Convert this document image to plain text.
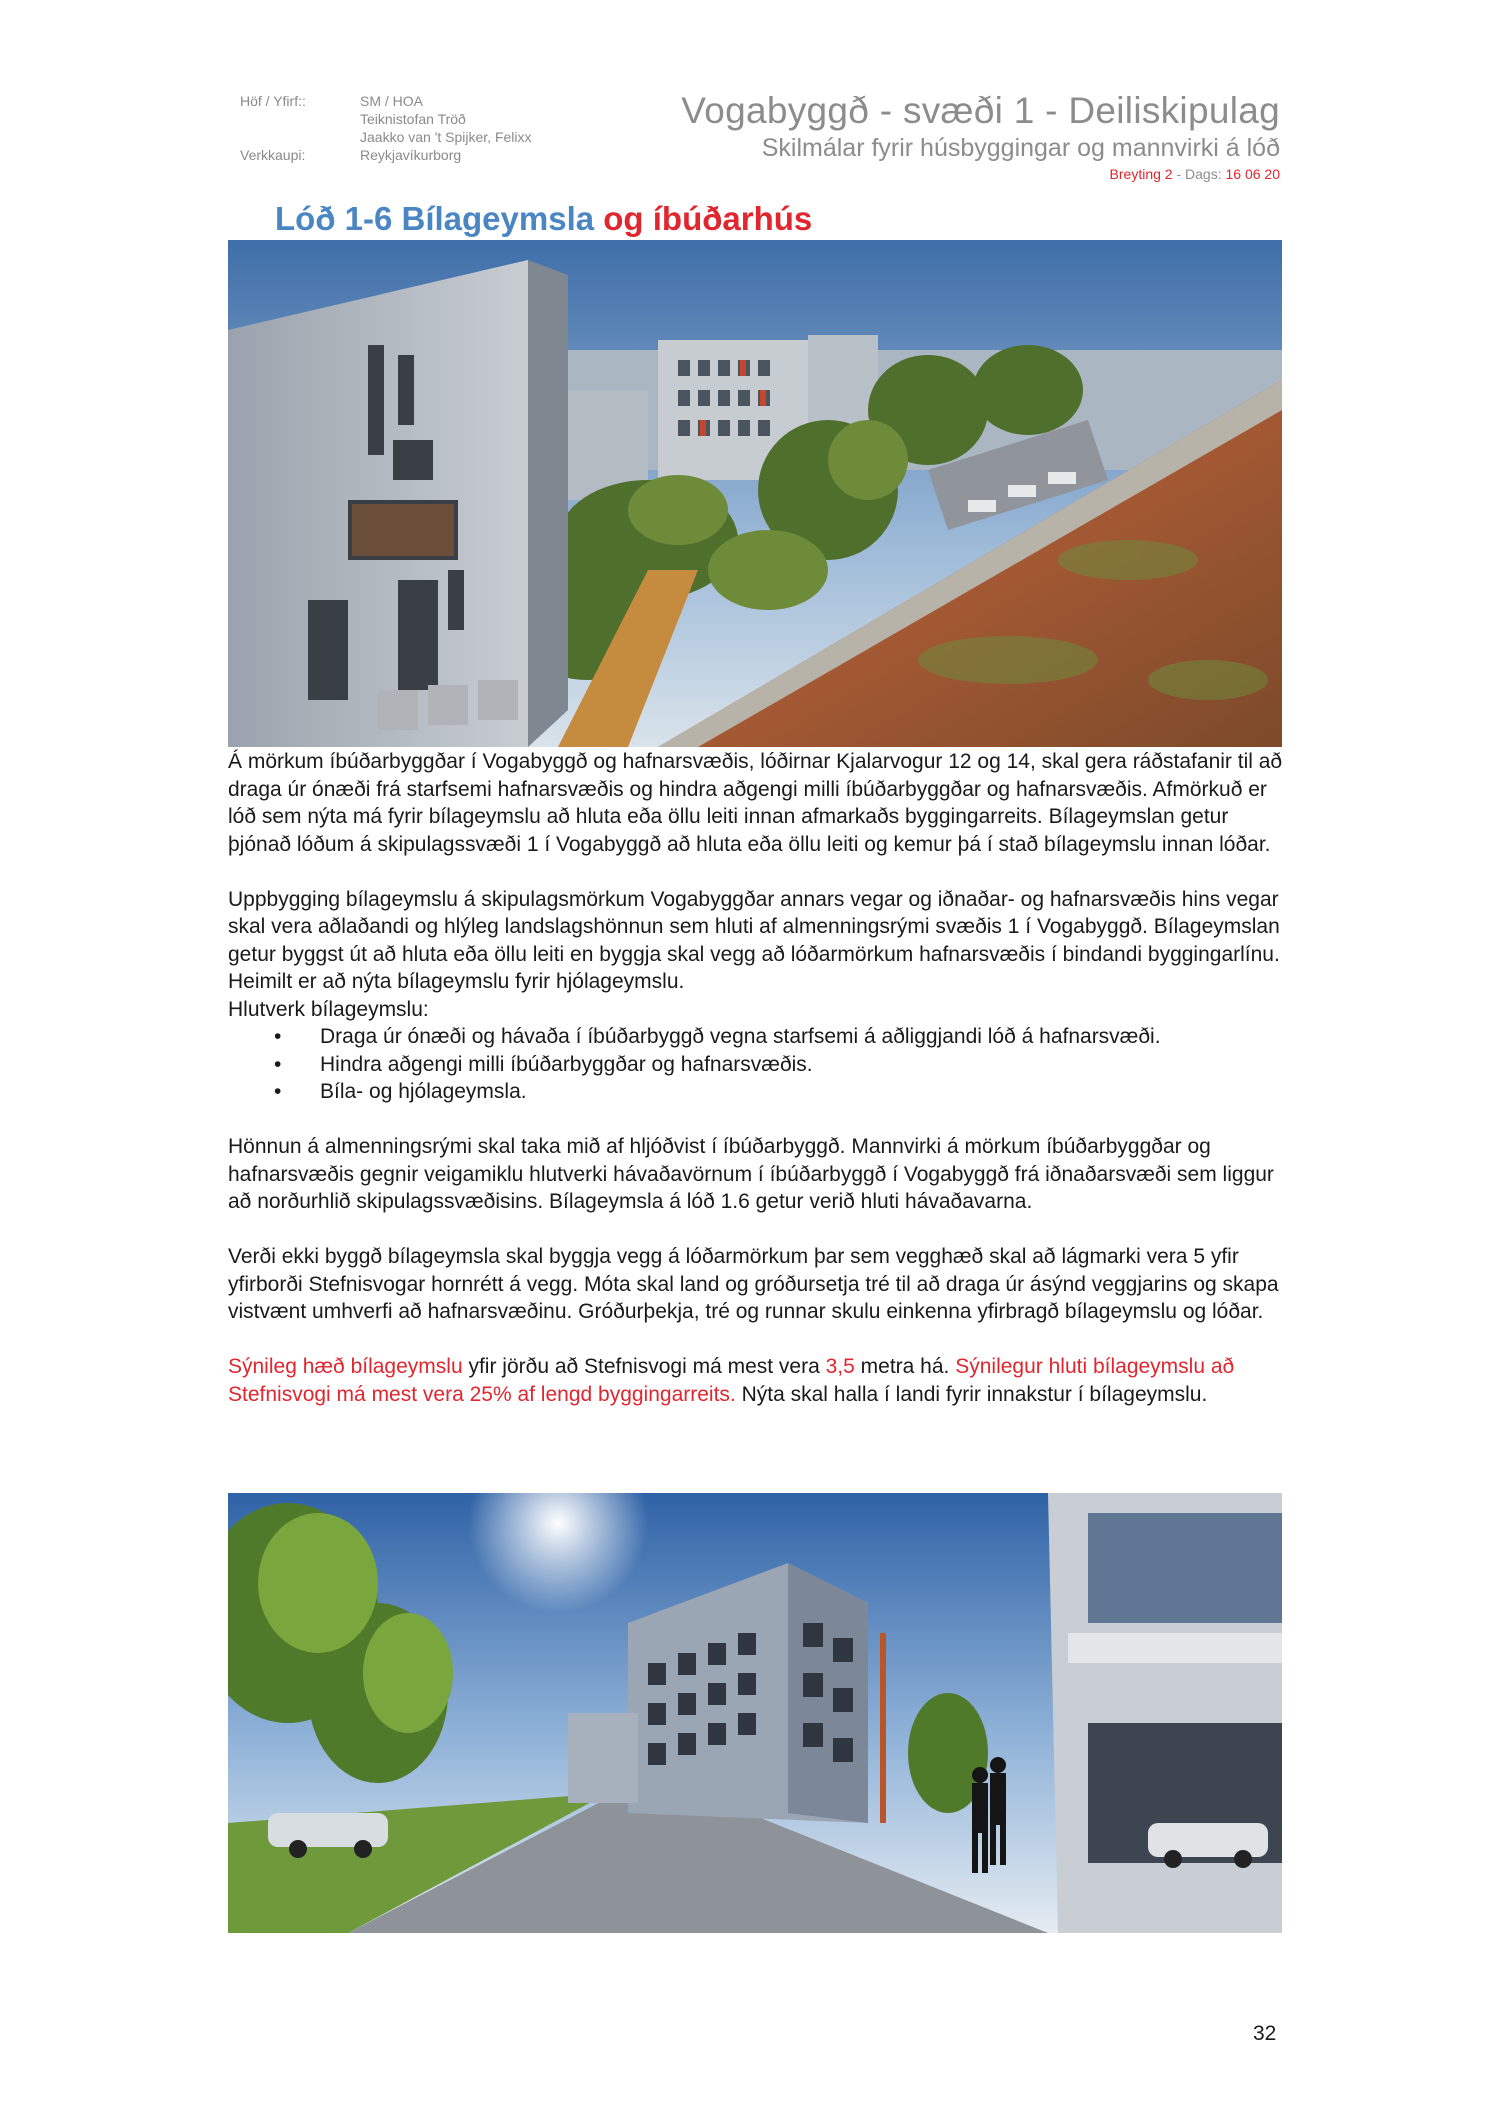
Höf / Yfirf::	SM / HOA
Teiknistofan Tröð
Jaakko van 't Spijker, Felixx
Verkkaupi:	Reykjavíkurborg
Vogabyggð - svæði 1 - Deiliskipulag
Skilmálar fyrir húsbyggingar og mannvirki á lóð
Breyting 2 - Dags: 16 06 20
Lóð 1-6 Bílageymsla og íbúðarhús

Á mörkum íbúðarbyggðar í Vogabyggð og hafnarsvæðis, lóðirnar Kjalarvogur 12 og 14, skal gera ráðstafanir til að draga úr ónæði frá starfsemi hafnarsvæðis og hindra aðgengi milli íbúðarbyggðar og hafnarsvæðis. Afmörkuð er lóð sem nýta má fyrir bílageymslu að hluta eða öllu leiti innan afmarkaðs byggingarreits. Bílageymslan getur þjónað lóðum á skipulagssvæði 1 í Vogabyggð að hluta eða öllu leiti og kemur þá í stað bílageymslu innan lóðar.

Uppbygging bílageymslu á skipulagsmörkum Vogabyggðar annars vegar og iðnaðar- og hafnarsvæðis hins vegar skal vera aðlaðandi og hlýleg landslagshönnun sem hluti af almenningsrými svæðis 1 í Vogabyggð. Bílageymslan getur byggst út að hluta eða öllu leiti en byggja skal vegg að lóðarmörkum hafnarsvæðis í bindandi byggingarlínu. Heimilt er að nýta bílageymslu fyrir hjólageymslu.
Hlutverk bílageymslu:
• Draga úr ónæði og hávaða í íbúðarbyggð vegna starfsemi á aðliggjandi lóð á hafnarsvæði.
• Hindra aðgengi milli íbúðarbyggðar og hafnarsvæðis.
• Bíla- og hjólageymsla.

Hönnun á almenningsrými skal taka mið af hljóðvist í íbúðarbyggð. Mannvirki á mörkum íbúðarbyggðar og hafnarsvæðis gegnir veigamiklu hlutverki hávaðavörnum í íbúðarbyggð í Vogabyggð frá iðnaðarsvæði sem liggur að norðurhlið skipulagssvæðisins. Bílageymsla á lóð 1.6 getur verið hluti hávaðavarna.

Verði ekki byggð bílageymsla skal byggja vegg á lóðarmörkum þar sem vegghæð skal að lágmarki vera 5 yfir yfirborði Stefnisvogar hornrétt á vegg. Móta skal land og gróðursetja tré til að draga úr ásýnd veggjarins og skapa vistvænt umhverfi að hafnarsvæðinu. Gróðurþekja, tré og runnar skulu einkenna yfirbragð bílageymslu og lóðar.

Sýnileg hæð bílageymslu yfir jörðu að Stefnisvogi má mest vera 3,5 metra há. Sýnilegur hluti bílageymslu að Stefnisvogi má mest vera 25% af lengd byggingarreits. Nýta skal halla í landi fyrir innakstur í bílageymslu.

32
